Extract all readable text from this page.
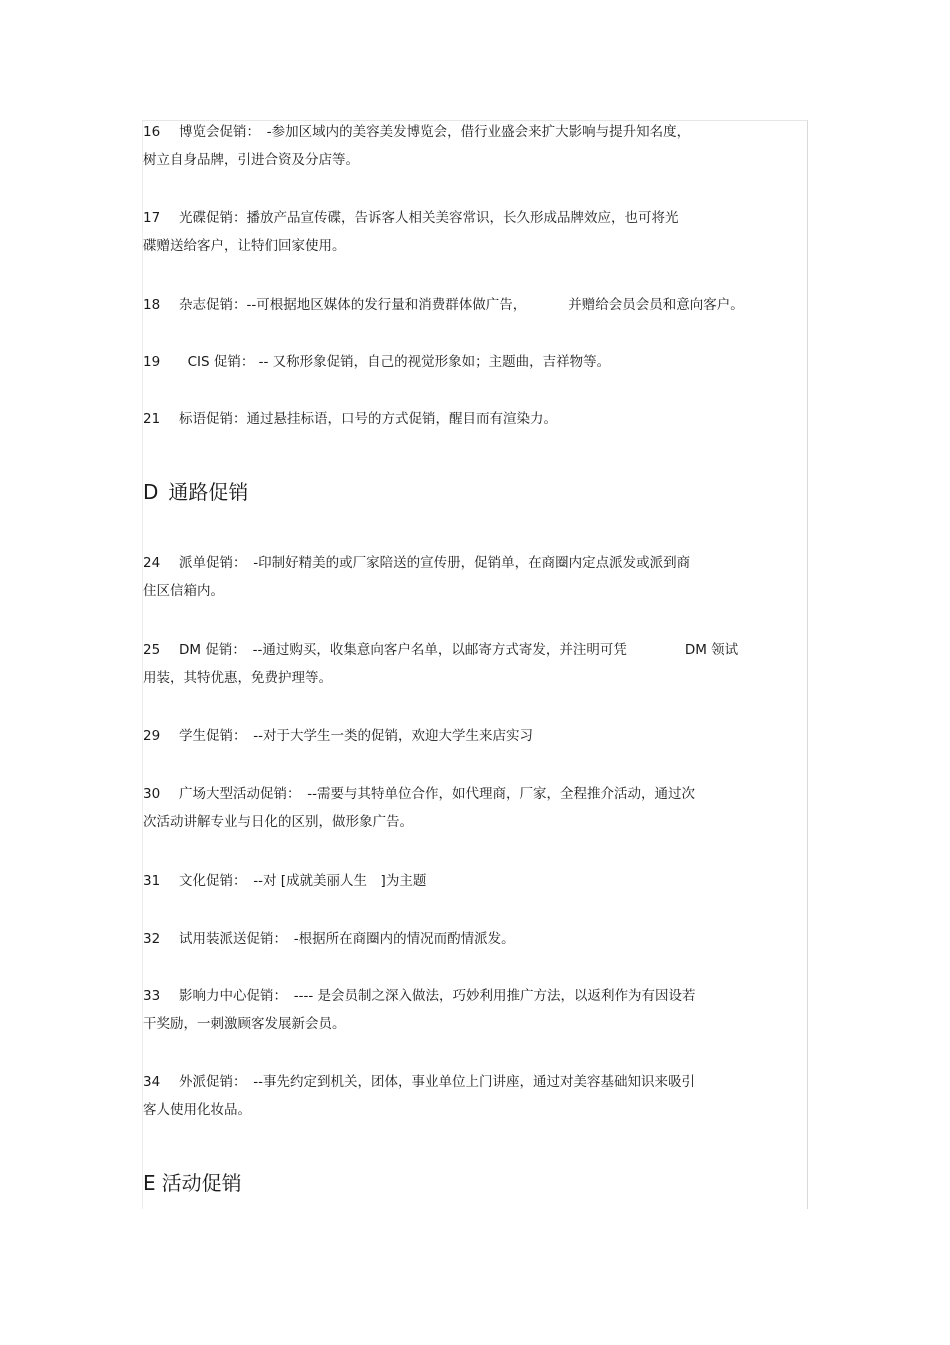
16 博览会促销：　-参加区域内的美容美发博览会，借行业盛会来扩大影响与提升知名度，
树立自身品牌，引进合资及分店等。
17 光碟促销：播放产品宣传碟，告诉客人相关美容常识，长久形成品牌效应，也可将光
碟赠送给客户，让特们回家使用。
18 杂志促销：--可根据地区媒体的发行量和消费群体做广告，	并赠给会员会员和意向客户。
19  CIS 促销： -- 又称形象促销，自己的视觉形象如；主题曲，吉祥物等。
21 标语促销：通过悬挂标语，口号的方式促销，醒目而有渲染力。
D 通路促销
24 派单促销：　-印制好精美的或厂家陪送的宣传册，促销单，在商圈内定点派发或派到商
住区信箱内。
25 DM 促销：　--通过购买，收集意向客户名单，以邮寄方式寄发，并注明可凭	DM 领试
用装，其特优惠，免费护理等。
29 学生促销：　--对于大学生一类的促销，欢迎大学生来店实习
30 广场大型活动促销：　--需要与其特单位合作，如代理商，厂家，全程推介活动，通过次
次活动讲解专业与日化的区别，做形象广告。
31 文化促销：　--对 [成就美丽人生　]为主题
32 试用装派送促销：　-根据所在商圈内的情况而酌情派发。
33 影响力中心促销：　---- 是会员制之深入做法，巧妙利用推广方法，以返利作为有因设若
干奖励，一刺激顾客发展新会员。
34 外派促销：　--事先约定到机关，团体，事业单位上门讲座，通过对美容基础知识来吸引
客人使用化妆品。
E 活动促销
